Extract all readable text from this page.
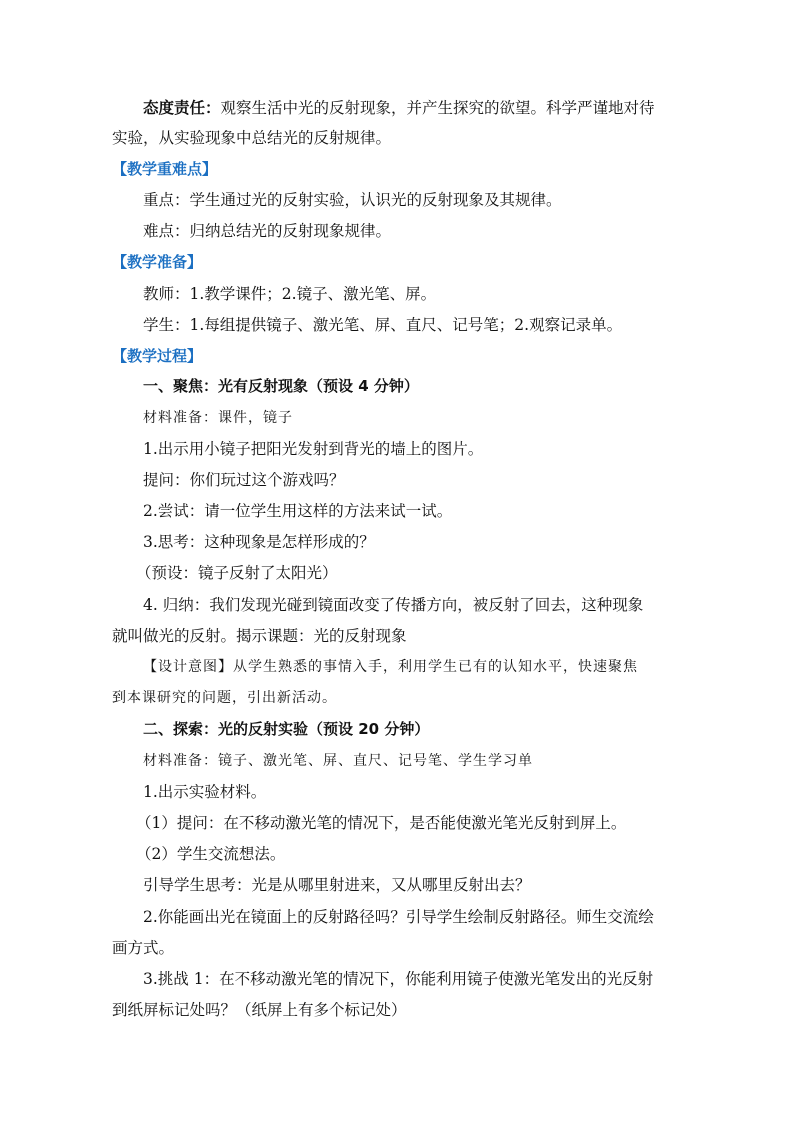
态度责任：观察生活中光的反射现象，并产生探究的欲望。科学严谨地对待
实验，从实验现象中总结光的反射规律。
【教学重难点】
重点：学生通过光的反射实验，认识光的反射现象及其规律。
难点：归纳总结光的反射现象规律。
【教学准备】
教师：1.教学课件；2.镜子、激光笔、屏。
学生：1.每组提供镜子、激光笔、屏、直尺、记号笔；2.观察记录单。
【教学过程】
一、聚焦：光有反射现象（预设 4 分钟）
材料准备：课件，镜子
1.出示用小镜子把阳光发射到背光的墙上的图片。
提问：你们玩过这个游戏吗？
2.尝试：请一位学生用这样的方法来试一试。
3.思考：这种现象是怎样形成的？
（预设：镜子反射了太阳光）
4. 归纳：我们发现光碰到镜面改变了传播方向，被反射了回去，这种现象
就叫做光的反射。揭示课题：光的反射现象
【设计意图】从学生熟悉的事情入手，利用学生已有的认知水平，快速聚焦
到本课研究的问题，引出新活动。
二、探索：光的反射实验（预设 20 分钟）
材料准备：镜子、激光笔、屏、直尺、记号笔、学生学习单
1.出示实验材料。
（1）提问：在不移动激光笔的情况下，是否能使激光笔光反射到屏上。
（2）学生交流想法。
引导学生思考：光是从哪里射进来，又从哪里反射出去？
2.你能画出光在镜面上的反射路径吗？引导学生绘制反射路径。师生交流绘
画方式。
3.挑战 1：在不移动激光笔的情况下，你能利用镜子使激光笔发出的光反射
到纸屏标记处吗？（纸屏上有多个标记处）
